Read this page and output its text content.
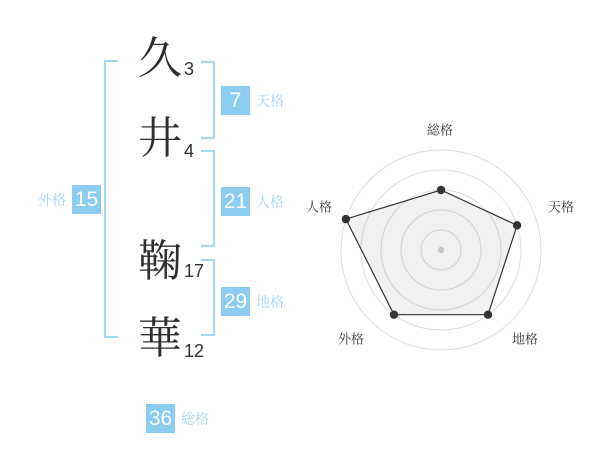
久 3
井 4
鞠 17
華 12
7	天格
21 人格
29 地格
外格 15
36 総格
総格
天格
地格
外格
人格
